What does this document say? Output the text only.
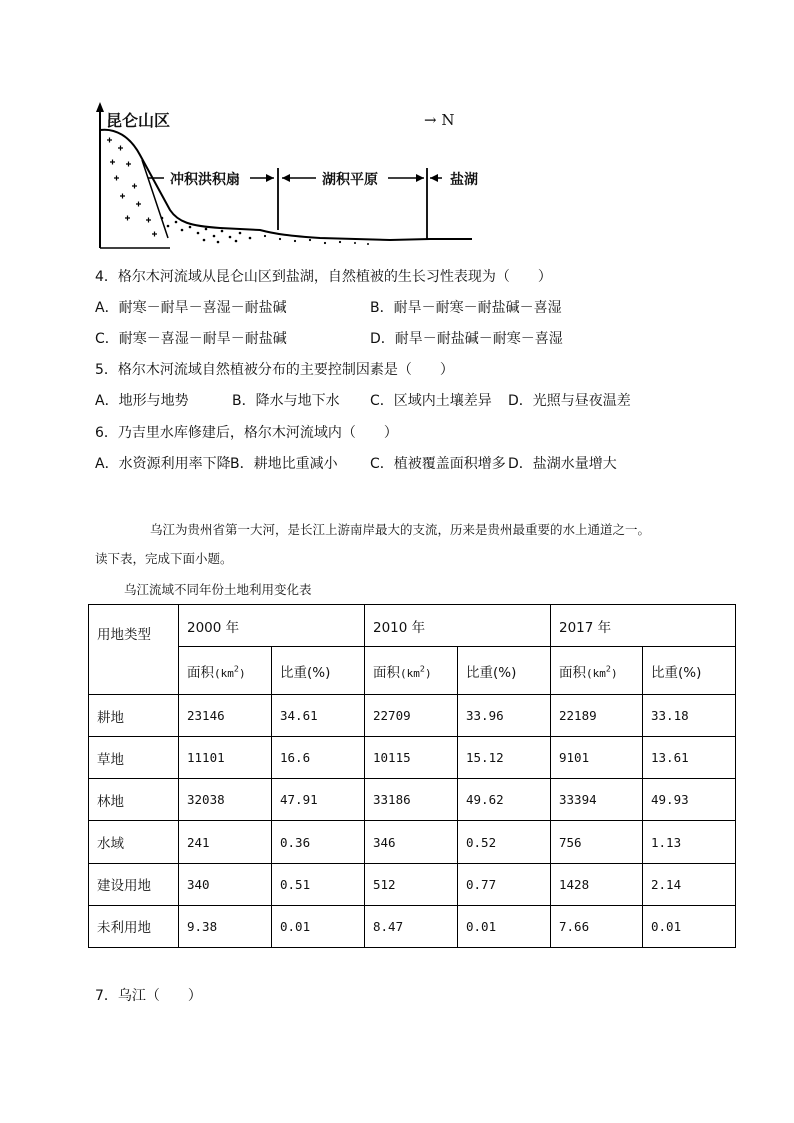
昆仑山区	→ N
冲积洪积扇	湖积平原	盐湖
4．格尔木河流域从昆仑山区到盐湖，自然植被的生长习性表现为（　　）
A．耐寒－耐旱－喜湿－耐盐碱	B．耐旱－耐寒－耐盐碱－喜湿
C．耐寒－喜湿－耐旱－耐盐碱	D．耐旱－耐盐碱－耐寒－喜湿
5．格尔木河流域自然植被分布的主要控制因素是（　　）
A．地形与地势	B．降水与地下水 C．区域内土壤差异 D．光照与昼夜温差
6．乃吉里水库修建后，格尔木河流域内（　　）
A．水资源利用率下降 B．耕地比重减小 C．植被覆盖面积增多 D．盐湖水量增大
乌江为贵州省第一大河，是长江上游南岸最大的支流，历来是贵州最重要的水上通道之一。
读下表，完成下面小题。
乌江流域不同年份土地利用变化表
用地类型	2000 年		2010 年		2017 年	
	面积$(km^2)$	比重(%)	面积$(km^2)$	比重(%)	面积$(km^2)$	比重(%)
耕地	23146	34.61	22709	33.96	22189	33.18
草地	11101	16.6	10115	15.12	9101	13.61
林地	32038	47.91	33186	49.62	33394	49.93
水域	241	0.36	346	0.52	756	1.13
建设用地	340	0.51	512	0.77	1428	2.14
未利用地	9.38	0.01	8.47	0.01	7.66	0.01
7．乌江（　　）
